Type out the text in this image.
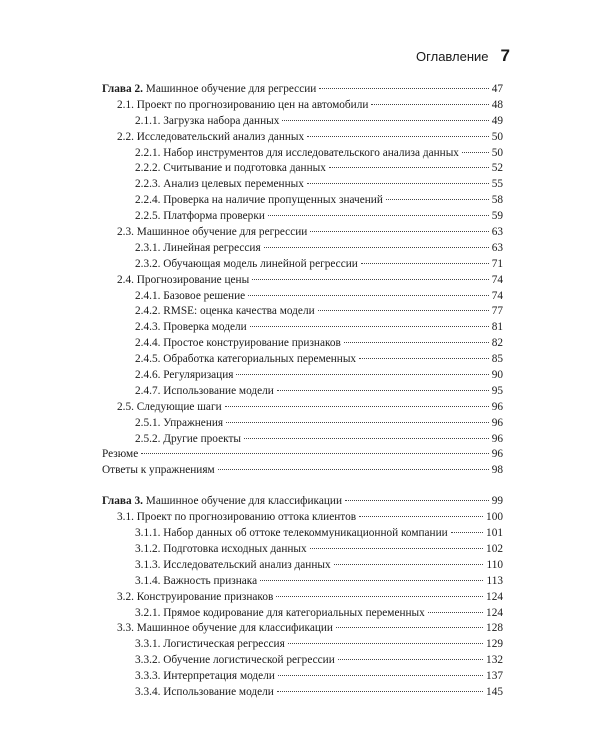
Оглавление 7
Глава 2. Машинное обучение для регрессии	47
2.1. Проект по прогнозированию цен на автомобили	48
2.1.1. Загрузка набора данных	49
2.2. Исследовательский анализ данных	50
2.2.1. Набор инструментов для исследовательского анализа данных	50
2.2.2. Считывание и подготовка данных	52
2.2.3. Анализ целевых переменных	55
2.2.4. Проверка на наличие пропущенных значений	58
2.2.5. Платформа проверки	59
2.3. Машинное обучение для регрессии	63
2.3.1. Линейная регрессия	63
2.3.2. Обучающая модель линейной регрессии	71
2.4. Прогнозирование цены	74
2.4.1. Базовое решение	74
2.4.2. RMSE: оценка качества модели	77
2.4.3. Проверка модели	81
2.4.4. Простое конструирование признаков	82
2.4.5. Обработка категориальных переменных	85
2.4.6. Регуляризация	90
2.4.7. Использование модели	95
2.5. Следующие шаги	96
2.5.1. Упражнения	96
2.5.2. Другие проекты	96
Резюме	96
Ответы к упражнениям	98
Глава 3. Машинное обучение для классификации	99
3.1. Проект по прогнозированию оттока клиентов	100
3.1.1. Набор данных об оттоке телекоммуникационной компании	101
3.1.2. Подготовка исходных данных	102
3.1.3. Исследовательский анализ данных	110
3.1.4. Важность признака	113
3.2. Конструирование признаков	124
3.2.1. Прямое кодирование для категориальных переменных	124
3.3. Машинное обучение для классификации	128
3.3.1. Логистическая регрессия	129
3.3.2. Обучение логистической регрессии	132
3.3.3. Интерпретация модели	137
3.3.4. Использование модели	145
